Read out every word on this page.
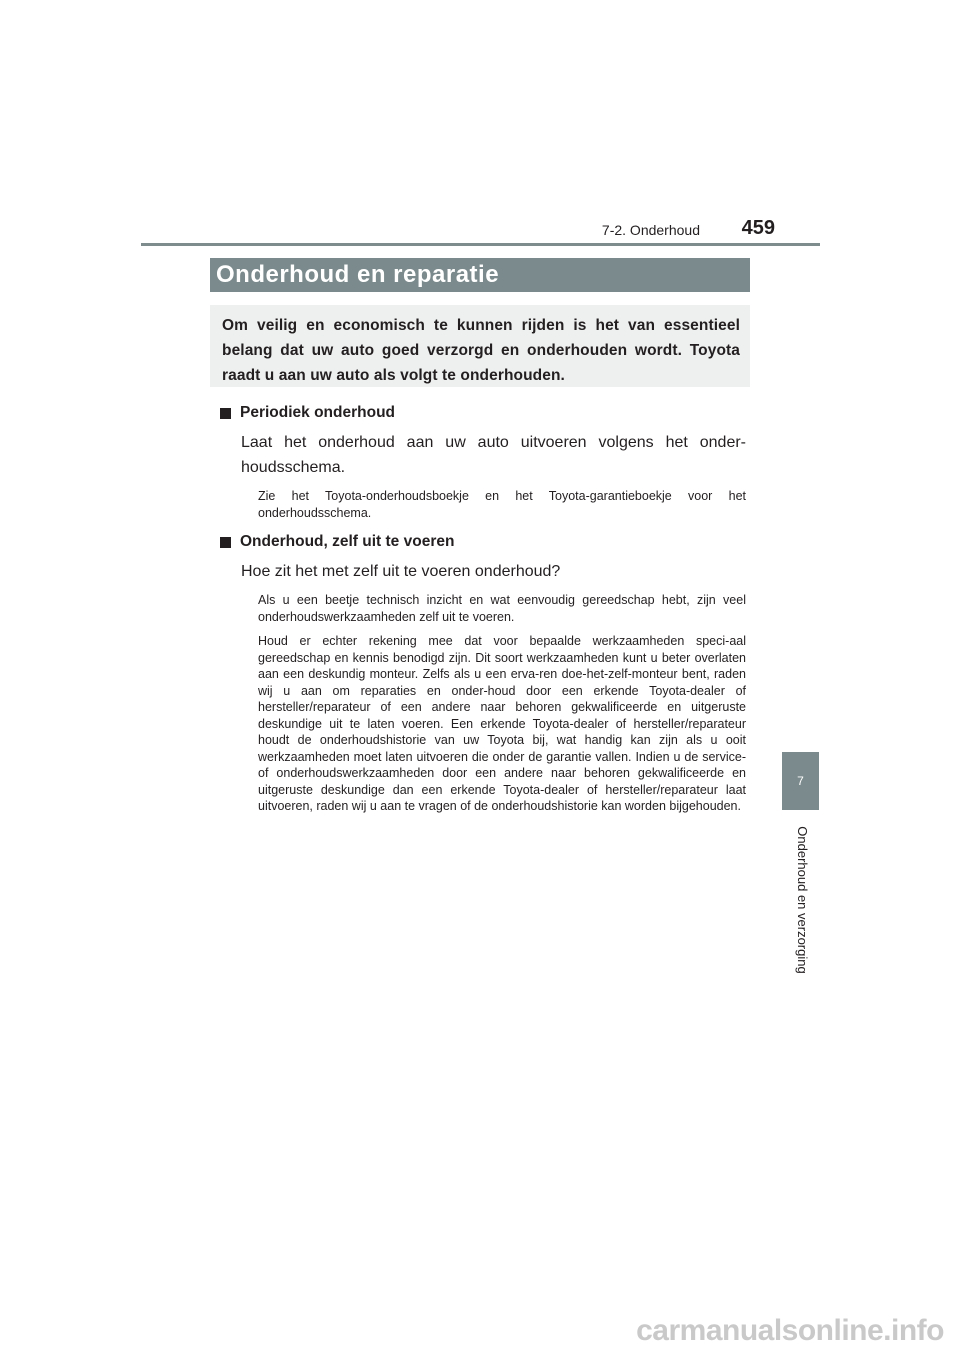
7-2. Onderhoud	459
Onderhoud en reparatie

Om veilig en economisch te kunnen rijden is het van essentieel belang dat uw auto goed verzorgd en onderhouden wordt. Toyota raadt u aan uw auto als volgt te onderhouden.

Periodiek onderhoud

Laat het onderhoud aan uw auto uitvoeren volgens het onder-houdsschema.

Zie het Toyota-onderhoudsboekje en het Toyota-garantieboekje voor het onderhoudsschema.

Onderhoud, zelf uit te voeren

Hoe zit het met zelf uit te voeren onderhoud?

Als u een beetje technisch inzicht en wat eenvoudig gereedschap hebt, zijn veel onderhoudswerkzaamheden zelf uit te voeren.

Houd er echter rekening mee dat voor bepaalde werkzaamheden speci-aal gereedschap en kennis benodigd zijn. Dit soort werkzaamheden kunt u beter overlaten aan een deskundig monteur. Zelfs als u een erva-ren doe-het-zelf-monteur bent, raden wij u aan om reparaties en onder-houd door een erkende Toyota-dealer of hersteller/reparateur of een andere naar behoren gekwalificeerde en uitgeruste deskundige uit te laten voeren. Een erkende Toyota-dealer of hersteller/reparateur houdt de onderhoudshistorie van uw Toyota bij, wat handig kan zijn als u ooit werkzaamheden moet laten uitvoeren die onder de garantie vallen. Indien u de service- of onderhoudswerkzaamheden door een andere naar behoren gekwalificeerde en uitgeruste deskundige dan een erkende Toyota-dealer of hersteller/reparateur laat uitvoeren, raden wij u aan te vragen of de onderhoudshistorie kan worden bijgehouden.

7
Onderhoud en verzorging
carmanualsonline.info
